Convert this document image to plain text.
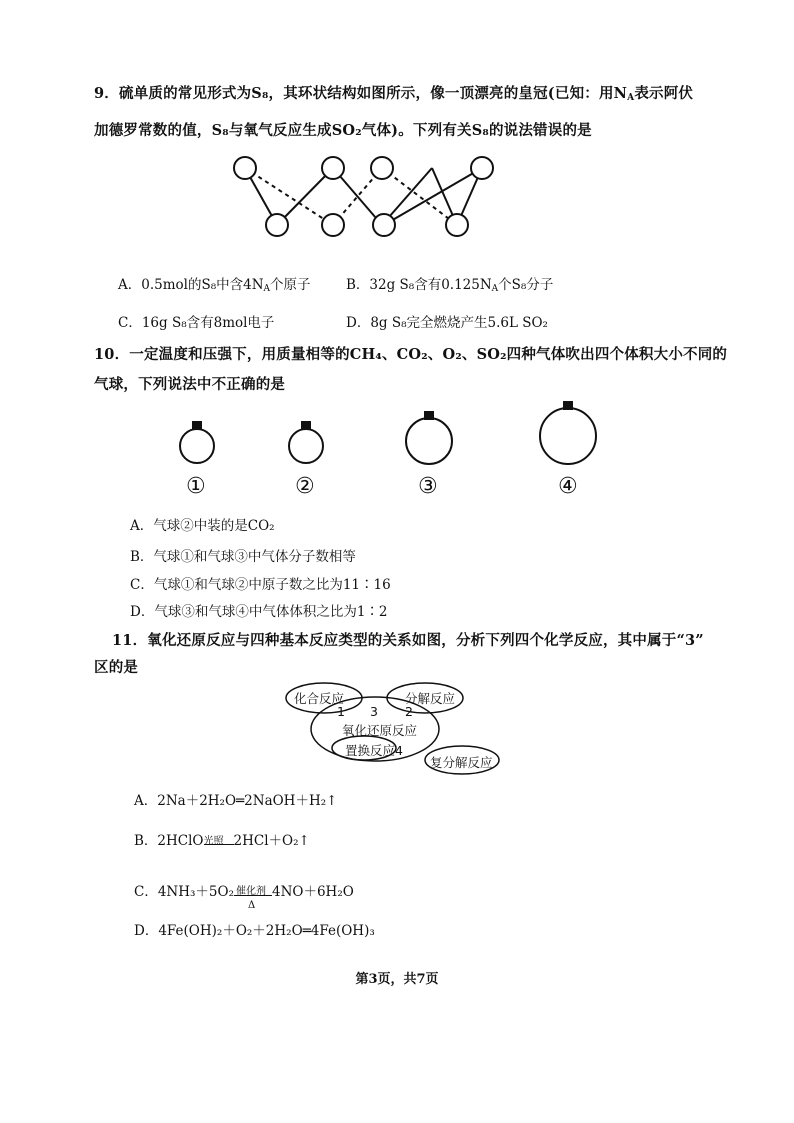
9．硫单质的常见形式为S₈，其环状结构如图所示，像一顶漂亮的皇冠(已知：用$N_A$表示阿伏
加德罗常数的值，S₈与氧气反应生成SO₂气体)。下列有关S₈的说法错误的是
A．0.5mol的S₈中含$4N_A$个原子	B．32g S₈含有$0.125N_A$个S₈分子
C．16g S₈含有8mol电子	D．8g S₈完全燃烧产生5.6L SO₂
10．一定温度和压强下，用质量相等的CH₄、CO₂、O₂、SO₂四种气体吹出四个体积大小不同的
气球，下列说法中不正确的是
①	②	③	④
A．气球②中装的是CO₂
B．气球①和气球③中气体分子数相等
C．气球①和气球②中原子数之比为11∶16
D．气球③和气球④中气体体积之比为1∶2
11．氧化还原反应与四种基本反应类型的关系如图，分析下列四个化学反应，其中属于“3”
区的是
化合反应	分解反应
1 3 2
氧化还原反应
置换反应4
复分解反应
A．2Na＋2H₂O═2NaOH＋H₂↑
B．2HClO 光照 2HCl＋O₂↑
C．4NH₃＋5O₂ 催化剂
Δ
4NO＋6H₂O
D．4Fe(OH)₂＋O₂＋2H₂O═4Fe(OH)₃
第3页，共7页
